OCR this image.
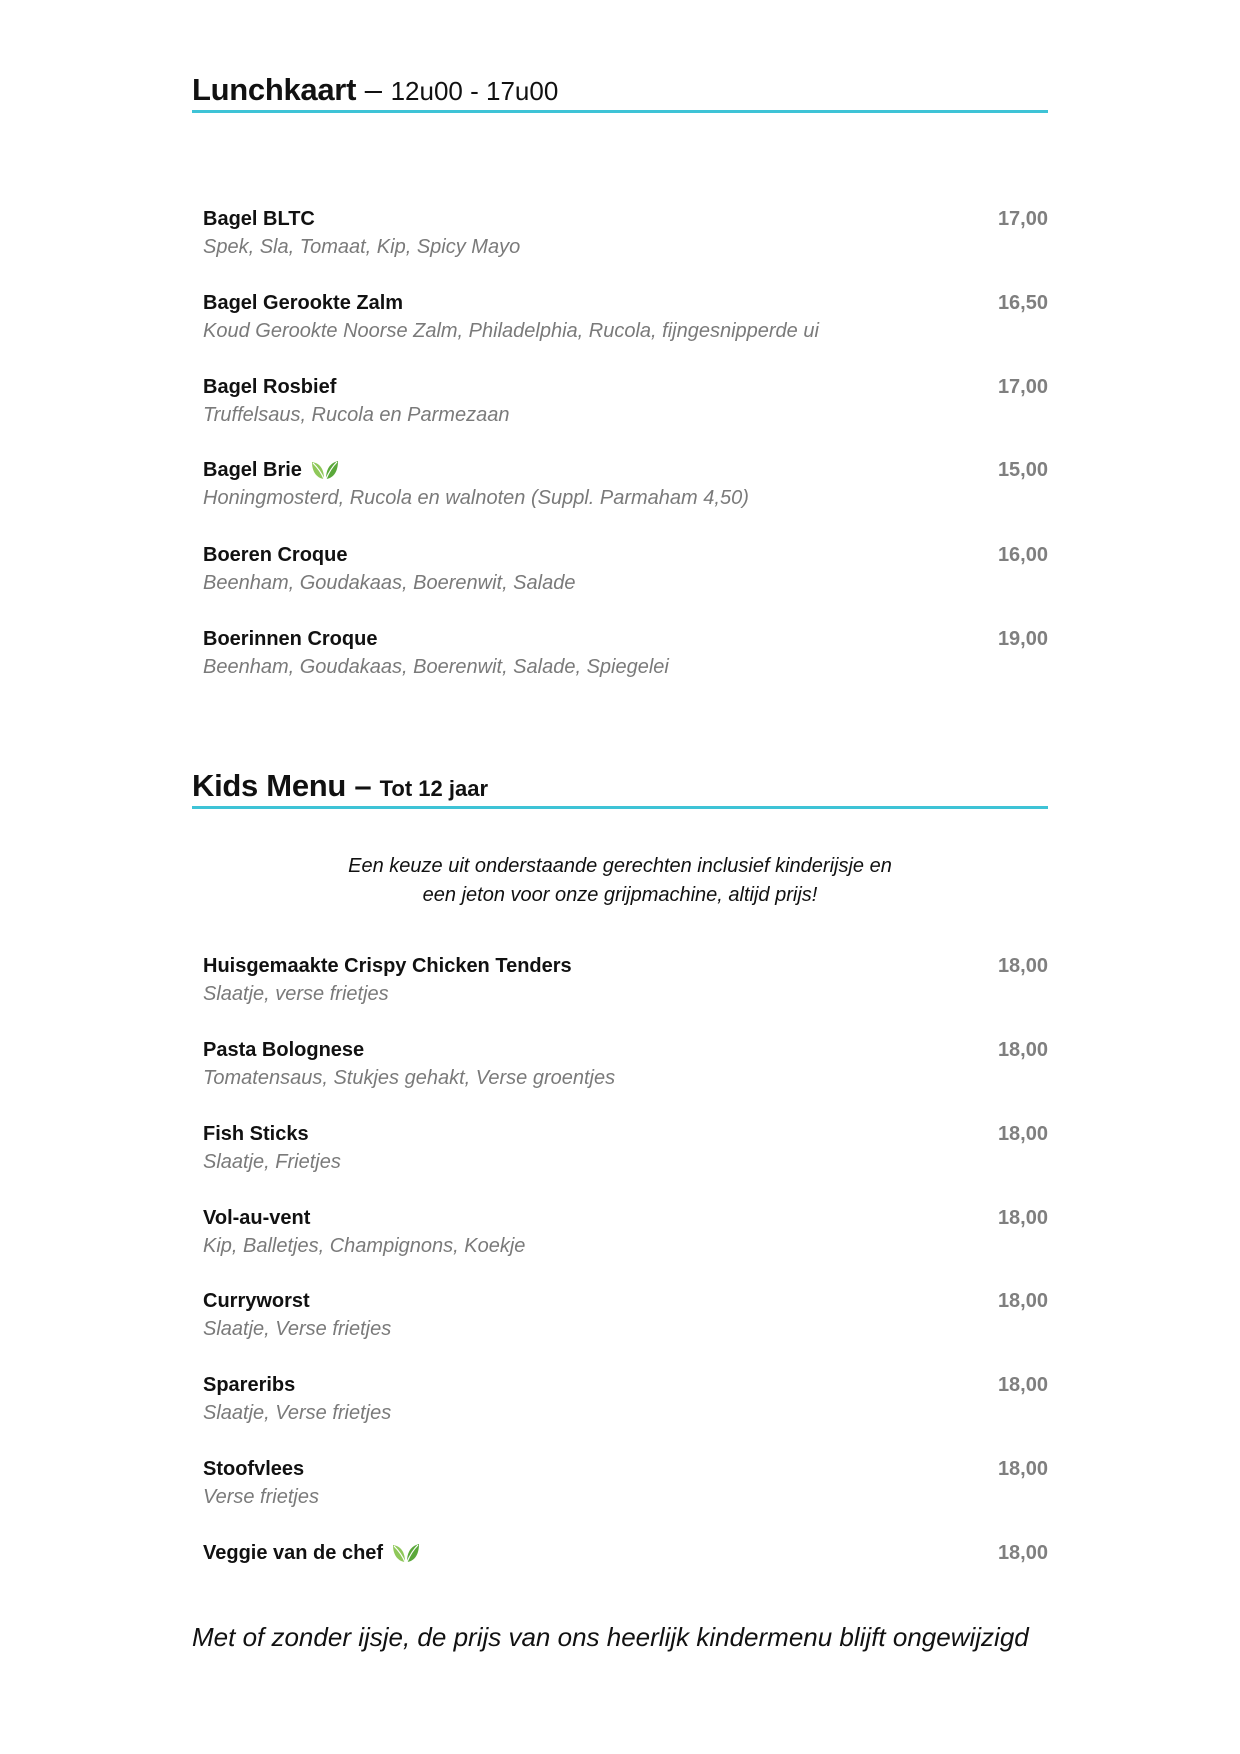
Lunchkaart – 12u00 - 17u00
Bagel BLTC
Spek, Sla, Tomaat, Kip, Spicy Mayo
17,00
Bagel Gerookte Zalm
Koud Gerookte Noorse Zalm, Philadelphia, Rucola, fijngesnipperde ui
16,50
Bagel Rosbief
Truffelsaus, Rucola en Parmezaan
17,00
Bagel Brie
Honingmosterd, Rucola en walnoten (Suppl. Parmaham 4,50)
15,00
Boeren Croque
Beenham, Goudakaas, Boerenwit, Salade
16,00
Boerinnen Croque
Beenham, Goudakaas, Boerenwit, Salade, Spiegelei
19,00
Kids Menu – Tot 12 jaar
Een keuze uit onderstaande gerechten inclusief kinderijsje en
een jeton voor onze grijpmachine, altijd prijs!
Huisgemaakte Crispy Chicken Tenders
Slaatje, verse frietjes
18,00
Pasta Bolognese
Tomatensaus, Stukjes gehakt, Verse groentjes
18,00
Fish Sticks
Slaatje, Frietjes
18,00
Vol-au-vent
Kip, Balletjes, Champignons, Koekje
18,00
Curryworst
Slaatje, Verse frietjes
18,00
Spareribs
Slaatje, Verse frietjes
18,00
Stoofvlees
Verse frietjes
18,00
Veggie van de chef	18,00
Met of zonder ijsje, de prijs van ons heerlijk kindermenu blijft ongewijzigd
